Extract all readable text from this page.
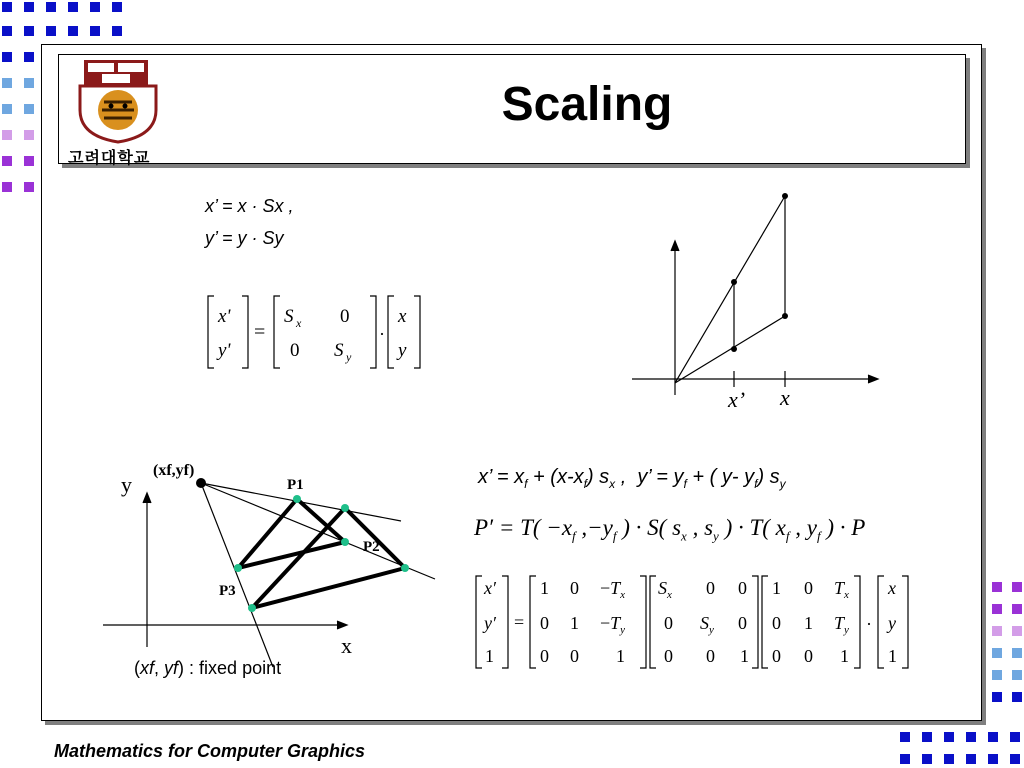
Scaling
고려대학교
x’ = x · Sx ,
y’ = y · Sy
x'
y'
=
S x 0
0 S y
·
x
y
x’ x
x’ = $x_f + (x-x_f)$ $s_x$ ,  y’ = $y_f$ + ( y- $y_f$) $s_y$
$P' = T( -x_f$ $,-y_f$ ) · S( $s_x$ , $s_y$ ) · T( $x_f$ , $y_f$ ) · P
x′
y′
1
=
1 $0 -T_x$
0 $1 -T_y$
0 0 1
$S_x$ 0 0
0 $S_y$ 0
0 0 1
1 0 $T_x$
0 1 $T_y$
0 0 1
·
x
y
1
y
x
(xf,yf)
P1
P2
P3
(xf, yf) : fixed point
Mathematics for Computer Graphics
